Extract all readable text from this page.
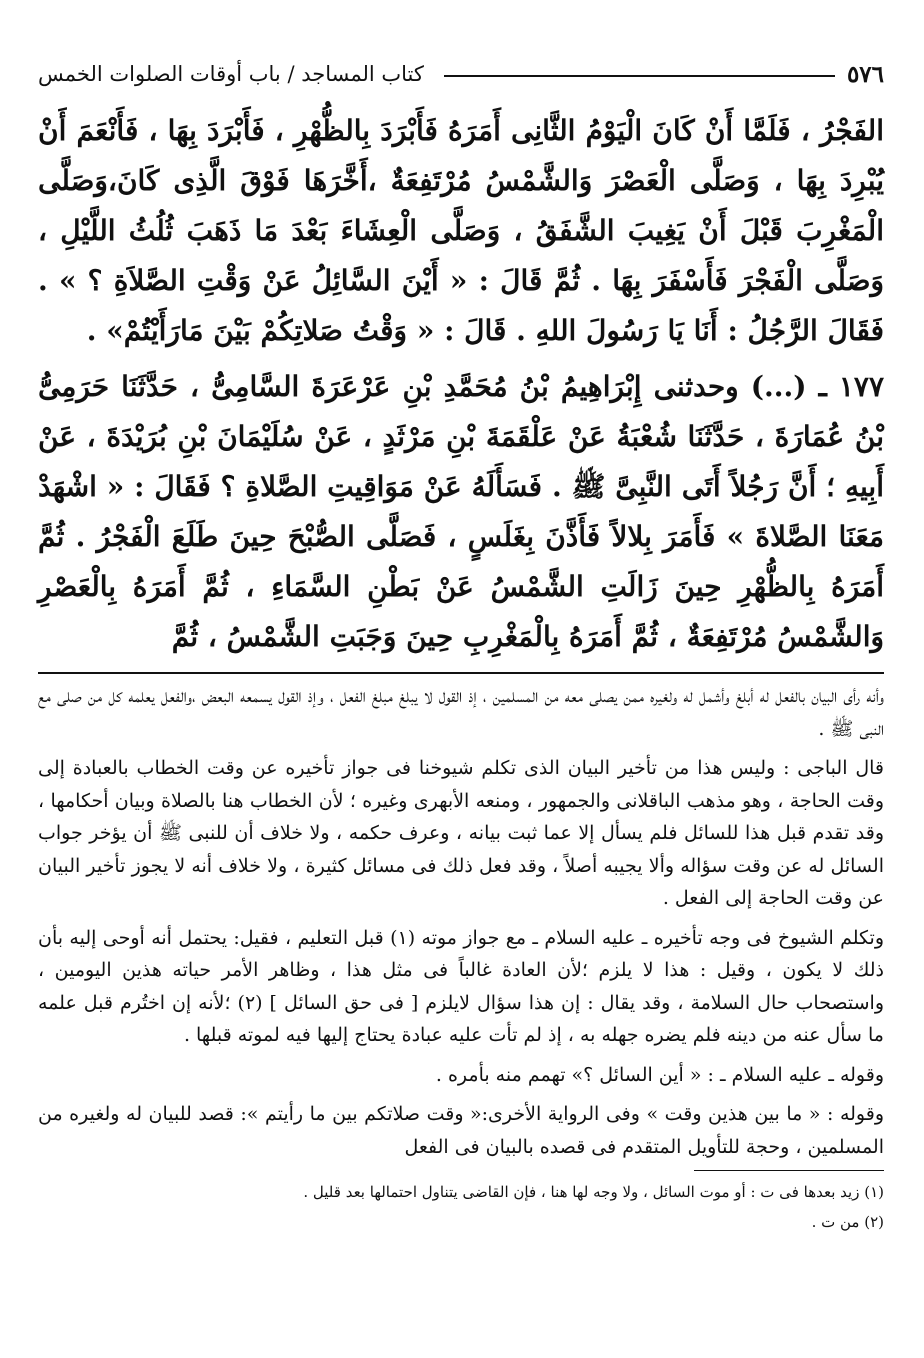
كتاب المساجد / باب أوقات الصلوات الخمس	٥٧٦

الفَجْرُ ، فَلَمَّا أَنْ كَانَ الْيَوْمُ الثَّانِى أَمَرَهُ فَأَبْرَدَ بِالظُّهْرِ ، فَأَبْرَدَ بِهَا ، فَأَنْعَمَ أَنْ يُبْرِدَ بِهَا ، وَصَلَّى الْعَصْرَ وَالشَّمْسُ مُرْتَفِعَةٌ ،أَخَّرَهَا فَوْقَ الَّذِى كَانَ،وَصَلَّى الْمَغْرِبَ قَبْلَ أَنْ يَغِيبَ الشَّفَقُ ، وَصَلَّى الْعِشَاءَ بَعْدَ مَا ذَهَبَ ثُلُثُ اللَّيْلِ ، وَصَلَّى الْفَجْرَ فَأَسْفَرَ بِهَا . ثُمَّ قَالَ : « أَيْنَ السَّائِلُ عَنْ وَقْتِ الصَّلاَةِ ؟ » . فَقَالَ الرَّجُلُ : أَنَا يَا رَسُولَ اللهِ . قَالَ : « وَقْتُ صَلاتِكُمْ بَيْنَ مَارَأَيْتُمْ» .

١٧٧ ـ (...) وحدثنى إِبْرَاهِيمُ بْنُ مُحَمَّدِ بْنِ عَرْعَرَةَ السَّامِىُّ ، حَدَّثَنَا حَرَمِىُّ بْنُ عُمَارَةَ ، حَدَّثَنَا شُعْبَةُ عَنْ عَلْقَمَةَ بْنِ مَرْثَدٍ ، عَنْ سُلَيْمَانَ بْنِ بُرَيْدَةَ ، عَنْ أَبِيهِ ؛ أَنَّ رَجُلاً أَتَى النَّبِىَّ ﷺ . فَسَأَلَهُ عَنْ مَوَاقِيتِ الصَّلاةِ ؟ فَقَالَ : « اشْهَدْ مَعَنَا الصَّلاةَ » فَأَمَرَ بِلالاً فَأَذَّنَ بِغَلَسٍ ، فَصَلَّى الصُّبْحَ حِينَ طَلَعَ الْفَجْرُ . ثُمَّ أَمَرَهُ بِالظُّهْرِ حِينَ زَالَتِ الشَّمْسُ عَنْ بَطْنِ السَّمَاءِ ، ثُمَّ أَمَرَهُ بِالْعَصْرِ وَالشَّمْسُ مُرْتَفِعَةٌ ، ثُمَّ أَمَرَهُ بِالْمَغْرِبِ حِينَ وَجَبَتِ الشَّمْسُ ، ثُمَّ

وأنه رأى البيان بالفعل له أبلغ وأشمل له ولغيره ممن يصلى معه من المسلمين ، إذ القول لا يبلغ مبلغ الفعل ، وإذ القول يسمعه البعض ،والفعل يعلمه كل من صلى مع النبى ﷺ .

قال الباجى : وليس هذا من تأخير البيان الذى تكلم شيوخنا فى جواز تأخيره عن وقت الخطاب بالعبادة إلى وقت الحاجة ، وهو مذهب الباقلانى والجمهور ، ومنعه الأبهرى وغيره ؛ لأن الخطاب هنا بالصلاة وبيان أحكامها ، وقد تقدم قبل هذا للسائل فلم يسأل إلا عما ثبت بيانه ، وعرف حكمه ، ولا خلاف أن للنبى ﷺ أن يؤخر جواب السائل له عن وقت سؤاله وألا يجيبه أصلاً ، وقد فعل ذلك فى مسائل كثيرة ، ولا خلاف أنه لا يجوز تأخير البيان عن وقت الحاجة إلى الفعل .

وتكلم الشيوخ فى وجه تأخيره ـ عليه السلام ـ مع جواز موته (١) قبل التعليم ، فقيل: يحتمل أنه أوحى إليه بأن ذلك لا يكون ، وقيل : هذا لا يلزم ؛لأن العادة غالباً فى مثل هذا ، وظاهر الأمر حياته هذين اليومين ، واستصحاب حال السلامة ، وقد يقال : إن هذا سؤال لايلزم [ فى حق السائل ] (٢) ؛لأنه إن اختُرم قبل علمه ما سأل عنه من دينه فلم يضره جهله به ، إذ لم تأت عليه عبادة يحتاج إليها فيه لموته قبلها .

وقوله ـ عليه السلام ـ : « أين السائل ؟» تهمم منه بأمره .

وقوله : « ما بين هذين وقت » وفى الرواية الأخرى:« وقت صلاتكم بين ما رأيتم »: قصد للبيان له ولغيره من المسلمين ، وحجة للتأويل المتقدم فى قصده بالبيان فى الفعل

(١) زيد بعدها فى ت : أو موت السائل ، ولا وجه لها هنا ، فإن القاضى يتناول احتمالها بعد قليل .

(٢) من ت .
